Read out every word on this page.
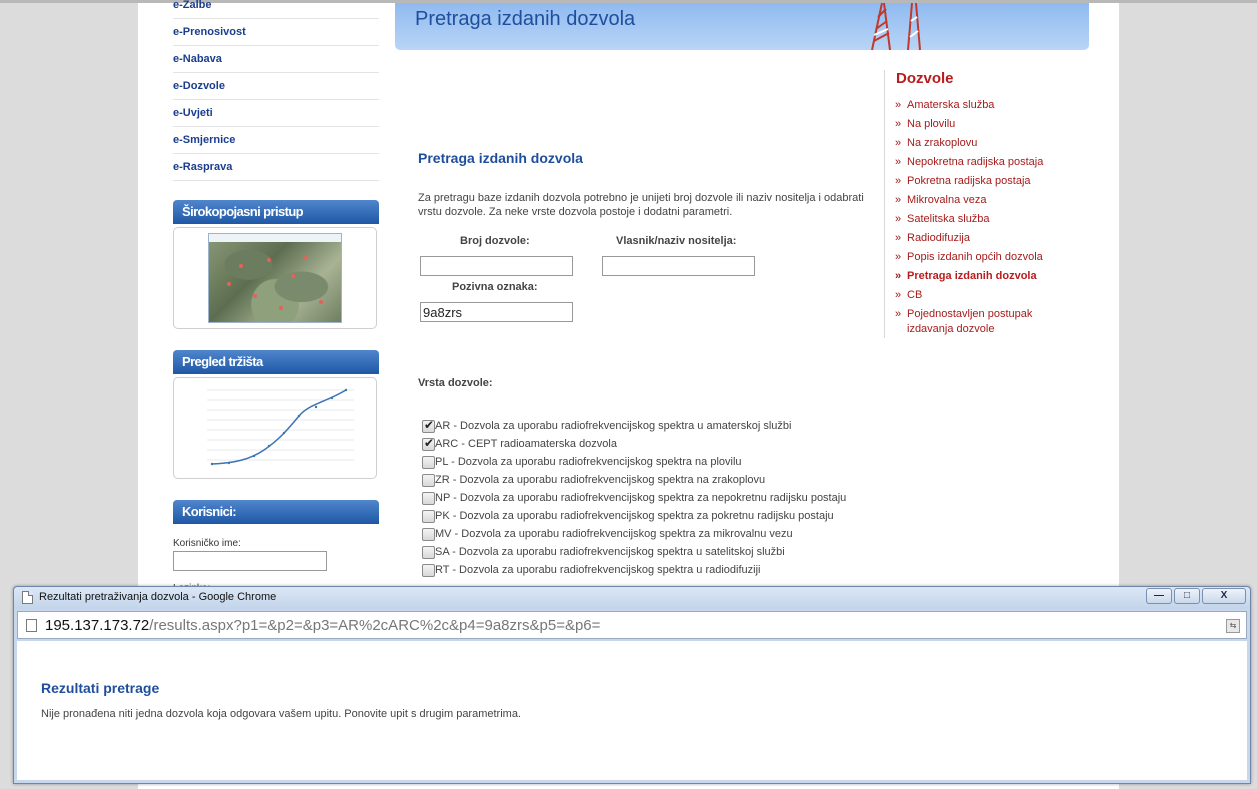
e-Žalbe
e-Prenosivost
e-Nabava
e-Dozvole
e-Uvjeti
e-Smjernice
e-Rasprava
Širokopojasni pristup
Pregled tržišta
Korisnici:
Korisničko ime:
Pretraga izdanih dozvola
Pretraga izdanih dozvola
Za pretragu baze izdanih dozvola potrebno je unijeti broj dozvole ili naziv nositelja i odabrati vrstu dozvole. Za neke vrste dozvola postoje i dodatni parametri.
Broj dozvole:	Vlasnik/naziv nositelja:
Pozivna oznaka:
9a8zrs
Vrsta dozvole:
✔
AR - Dozvola za uporabu radiofrekvencijskog spektra u amaterskoj službi
✔
ARC - CEPT radioamaterska dozvola
PL - Dozvola za uporabu radiofrekvencijskog spektra na plovilu
ZR - Dozvola za uporabu radiofrekvencijskog spektra na zrakoplovu
NP - Dozvola za uporabu radiofrekvencijskog spektra za nepokretnu radijsku postaju
PK - Dozvola za uporabu radiofrekvencijskog spektra za pokretnu radijsku postaju
MV - Dozvola za uporabu radiofrekvencijskog spektra za mikrovalnu vezu
SA - Dozvola za uporabu radiofrekvencijskog spektra u satelitskoj službi
RT - Dozvola za uporabu radiofrekvencijskog spektra u radiodifuziji
Dozvole
» Amaterska služba
» Na plovilu
» Na zrakoplovu
» Nepokretna radijska postaja
» Pokretna radijska postaja
» Mikrovalna veza
» Satelitska služba
» Radiodifuzija
» Popis izdanih općih dozvola
» Pretraga izdanih dozvola
» CB
» Pojednostavljen postupak izdavanja dozvole
Rezultati pretraživanja dozvola - Google Chrome	—	□	X
195.137.173.72/results.aspx?p1=&p2=&p3=AR%2cARC%2c&p4=9a8zrs&p5=&p6=	⇆
Rezultati pretrage
Nije pronađena niti jedna dozvola koja odgovara vašem upitu. Ponovite upit s drugim parametrima.
